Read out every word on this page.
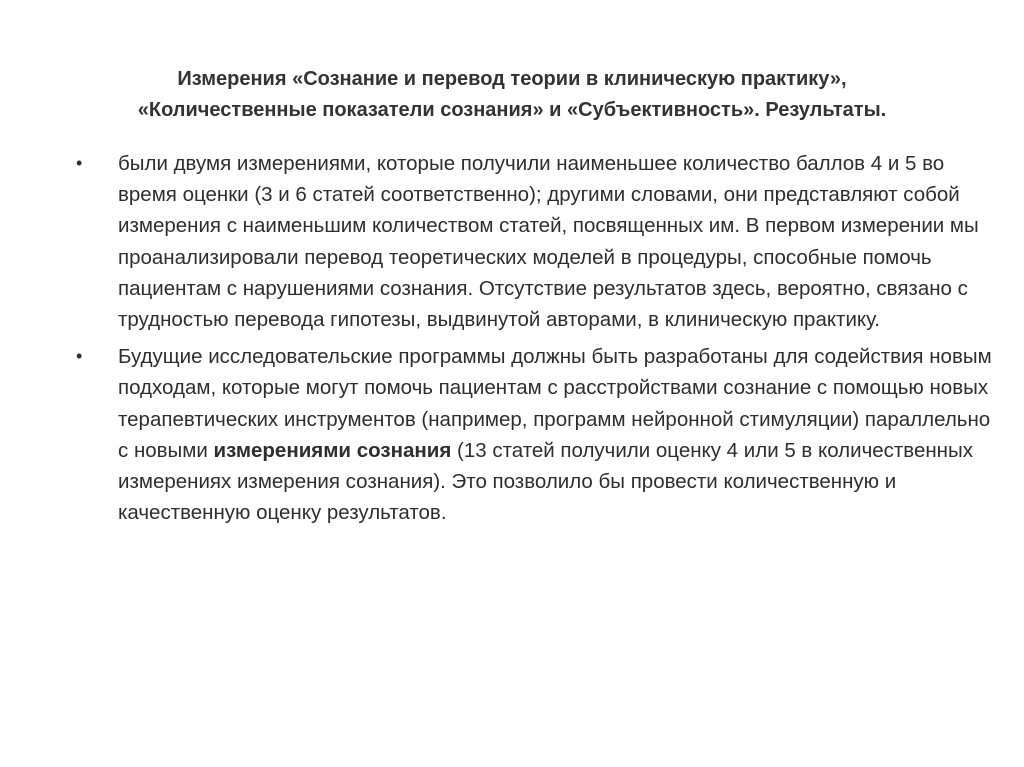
Измерения «Сознание и перевод теории в клиническую практику»,
«Количественные показатели сознания» и «Субъективность». Результаты.
• были двумя измерениями, которые получили наименьшее количество баллов 4 и 5 во время оценки (3 и 6 статей соответственно); другими словами, они представляют собой измерения с наименьшим количеством статей, посвященных им. В первом измерении мы проанализировали перевод теоретических моделей в процедуры, способные помочь пациентам с нарушениями сознания. Отсутствие результатов здесь, вероятно, связано с трудностью перевода гипотезы, выдвинутой авторами, в клиническую практику.
• Будущие исследовательские программы должны быть разработаны для содействия новым подходам, которые могут помочь пациентам с расстройствами сознание с помощью новых терапевтических инструментов (например, программ нейронной стимуляции) параллельно с новыми измерениями сознания (13 статей получили оценку 4 или 5 в количественных измерениях измерения сознания). Это позволило бы провести количественную и качественную оценку результатов.
